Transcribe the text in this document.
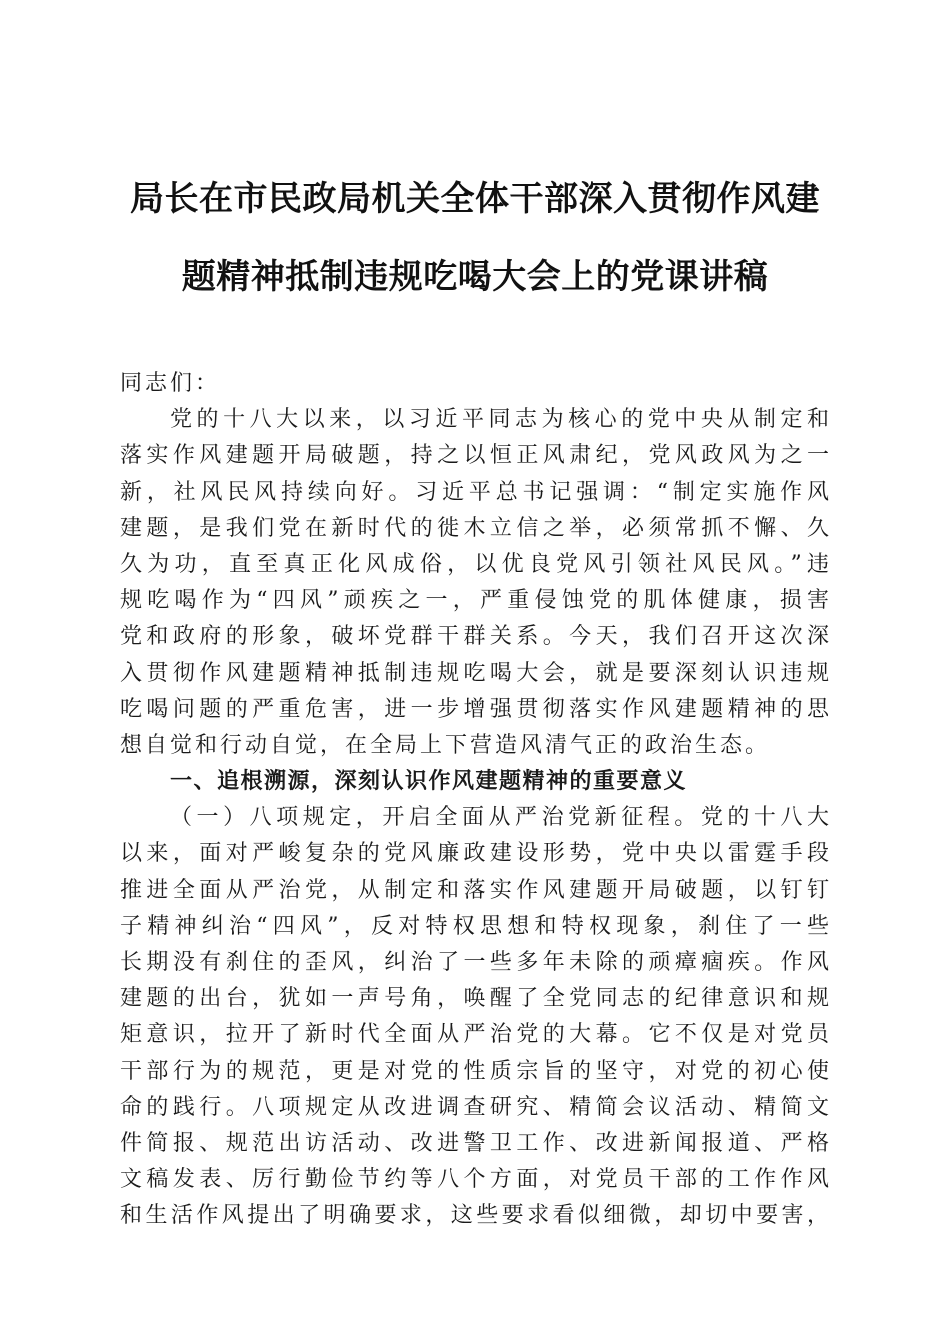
局长在市民政局机关全体干部深入贯彻作风建
题精神抵制违规吃喝大会上的党课讲稿
同志们：
党的十八大以来，以习近平同志为核心的党中央从制定和
落实作风建题开局破题，持之以恒正风肃纪，党风政风为之一
新，社风民风持续向好。习近平总书记强调：“制定实施作风
建题，是我们党在新时代的徙木立信之举，必须常抓不懈、久
久为功，直至真正化风成俗，以优良党风引领社风民风。”违
规吃喝作为“四风”顽疾之一，严重侵蚀党的肌体健康，损害
党和政府的形象，破坏党群干群关系。今天，我们召开这次深
入贯彻作风建题精神抵制违规吃喝大会，就是要深刻认识违规
吃喝问题的严重危害，进一步增强贯彻落实作风建题精神的思
想自觉和行动自觉，在全局上下营造风清气正的政治生态。
一、追根溯源，深刻认识作风建题精神的重要意义
（一）八项规定，开启全面从严治党新征程。党的十八大
以来，面对严峻复杂的党风廉政建设形势，党中央以雷霆手段
推进全面从严治党，从制定和落实作风建题开局破题，以钉钉
子精神纠治“四风”，反对特权思想和特权现象，刹住了一些
长期没有刹住的歪风，纠治了一些多年未除的顽瘴痼疾。作风
建题的出台，犹如一声号角，唤醒了全党同志的纪律意识和规
矩意识，拉开了新时代全面从严治党的大幕。它不仅是对党员
干部行为的规范，更是对党的性质宗旨的坚守，对党的初心使
命的践行。八项规定从改进调查研究、精简会议活动、精简文
件简报、规范出访活动、改进警卫工作、改进新闻报道、严格
文稿发表、厉行勤俭节约等八个方面，对党员干部的工作作风
和生活作风提出了明确要求，这些要求看似细微，却切中要害，
